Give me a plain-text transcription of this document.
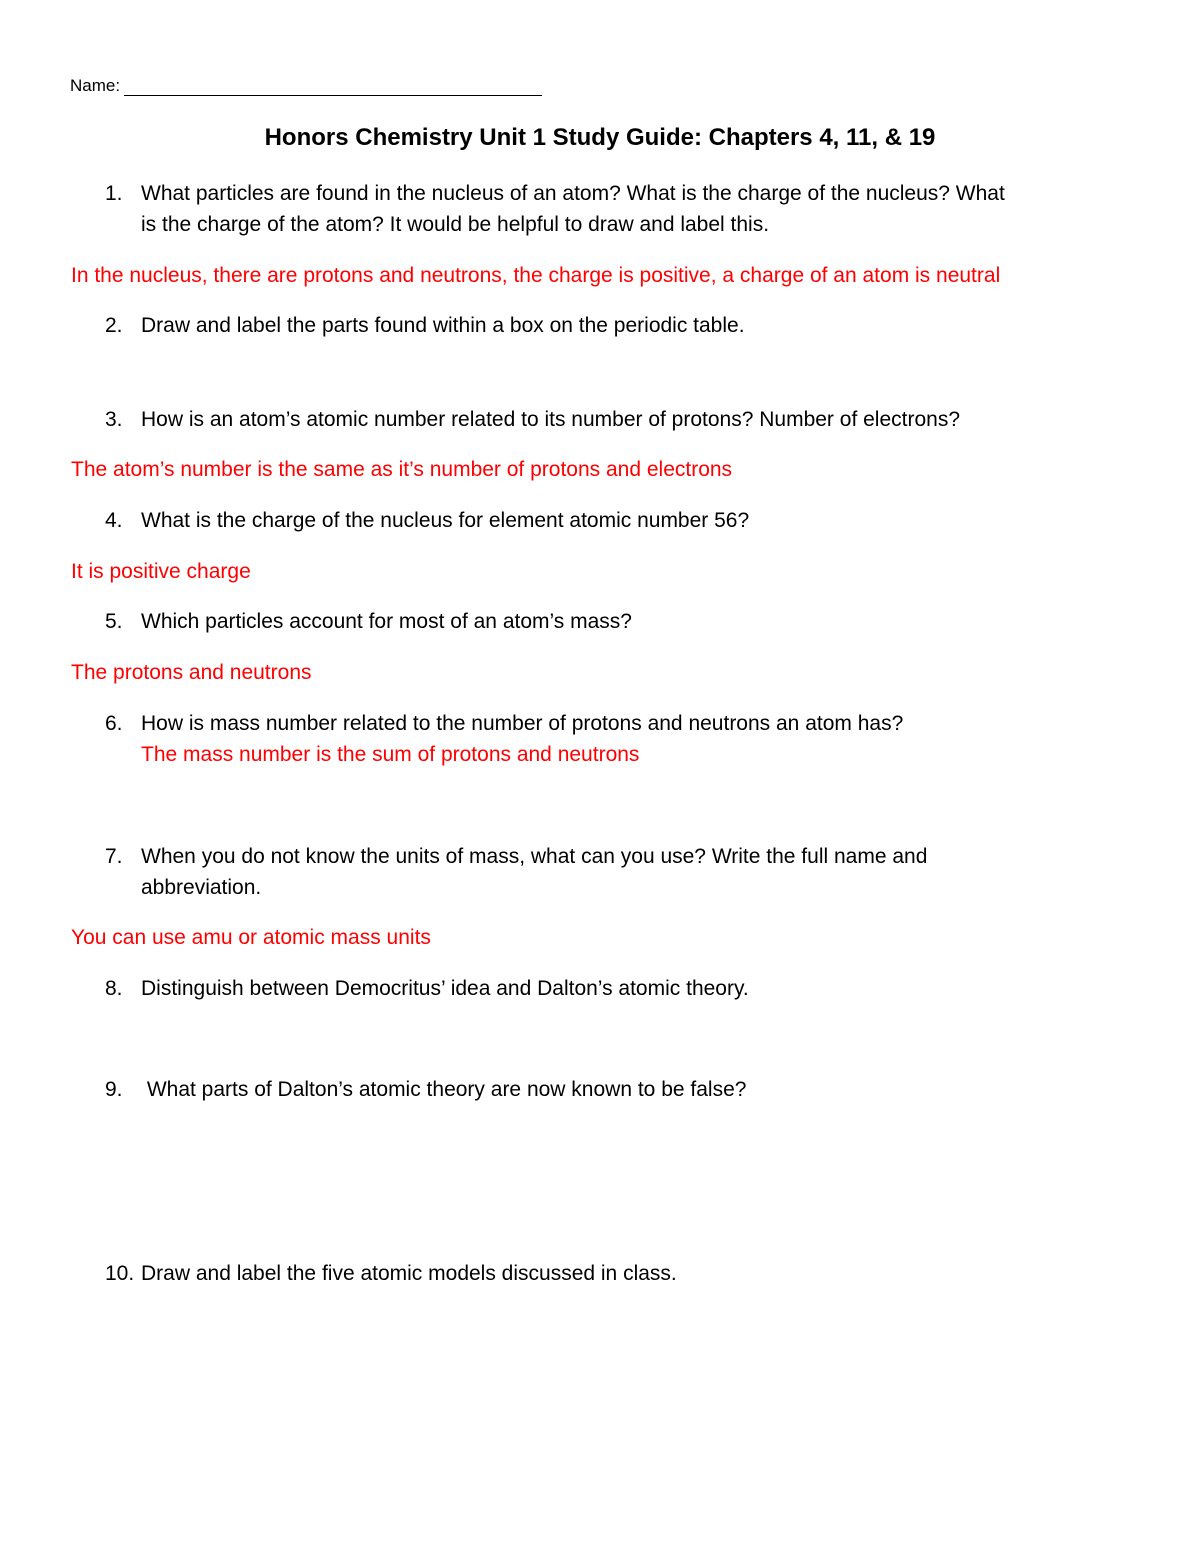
Name:
Honors Chemistry Unit 1 Study Guide: Chapters 4, 11, & 19
1. What particles are found in the nucleus of an atom? What is the charge of the nucleus? What
is the charge of the atom? It would be helpful to draw and label this.
In the nucleus, there are protons and neutrons, the charge is positive, a charge of an atom is neutral
2. Draw and label the parts found within a box on the periodic table.
3. How is an atom’s atomic number related to its number of protons? Number of electrons?
The atom’s number is the same as it’s number of protons and electrons
4. What is the charge of the nucleus for element atomic number 56?
It is positive charge
5. Which particles account for most of an atom’s mass?
The protons and neutrons
6. How is mass number related to the number of protons and neutrons an atom has?
The mass number is the sum of protons and neutrons
7. When you do not know the units of mass, what can you use? Write the full name and
abbreviation.
You can use amu or atomic mass units
8. Distinguish between Democritus’ idea and Dalton’s atomic theory.
9. What parts of Dalton’s atomic theory are now known to be false?
10. Draw and label the five atomic models discussed in class.
